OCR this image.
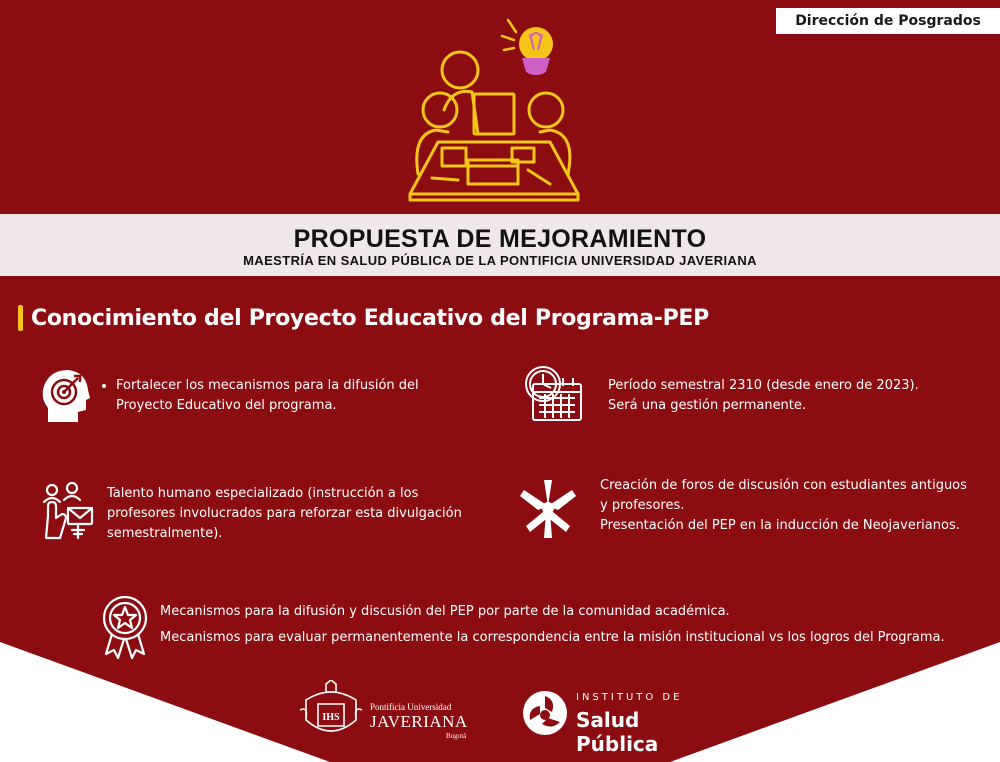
Dirección de Posgrados
PROPUESTA DE MEJORAMIENTO
MAESTRÍA EN SALUD PÚBLICA DE LA PONTIFICIA UNIVERSIDAD JAVERIANA
Conocimiento del Proyecto Educativo del Programa-PEP
• Fortalecer los mecanismos para la difusión del
Proyecto Educativo del programa.

Período semestral 2310 (desde enero de 2023).

Será una gestión permanente.

Talento humano especializado (instrucción a los

profesores involucrados para reforzar esta divulgación

semestralmente).

Creación de foros de discusión con estudiantes antiguos

y profesores.

Presentación del PEP en la inducción de Neojaverianos.

Mecanismos para la difusión y discusión del PEP por parte de la comunidad académica.

Mecanismos para evaluar permanentemente la correspondencia entre la misión institucional vs los logros del Programa.

IHS
Pontificia Universidad
JAVERIANA
Bogotá
INSTITUTO DE
Salud Pública
